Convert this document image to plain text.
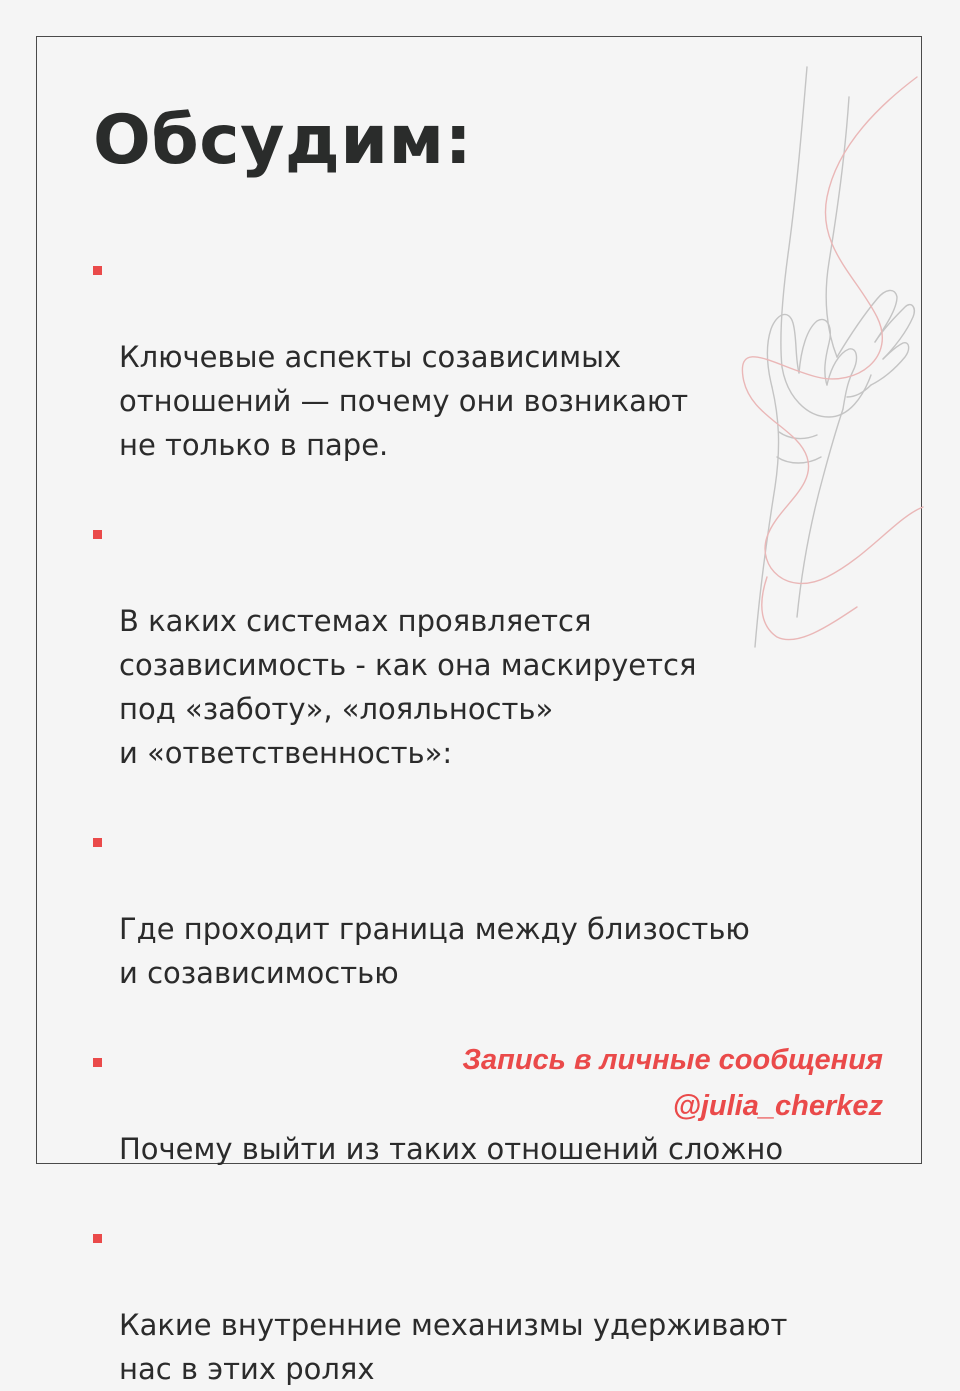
Обсудим:

Ключевые аспекты созависимых
отношений — почему они возникают
не только в паре.

В каких системах проявляется
созависимость - как она маскируется
под «заботу», «лояльность»
и «ответственность»:

Где проходит граница между близостью
и созависимостью

Почему выйти из таких отношений сложно

Какие внутренние механизмы удерживают
нас в этих ролях

Запись в личные сообщения
@julia_cherkez
